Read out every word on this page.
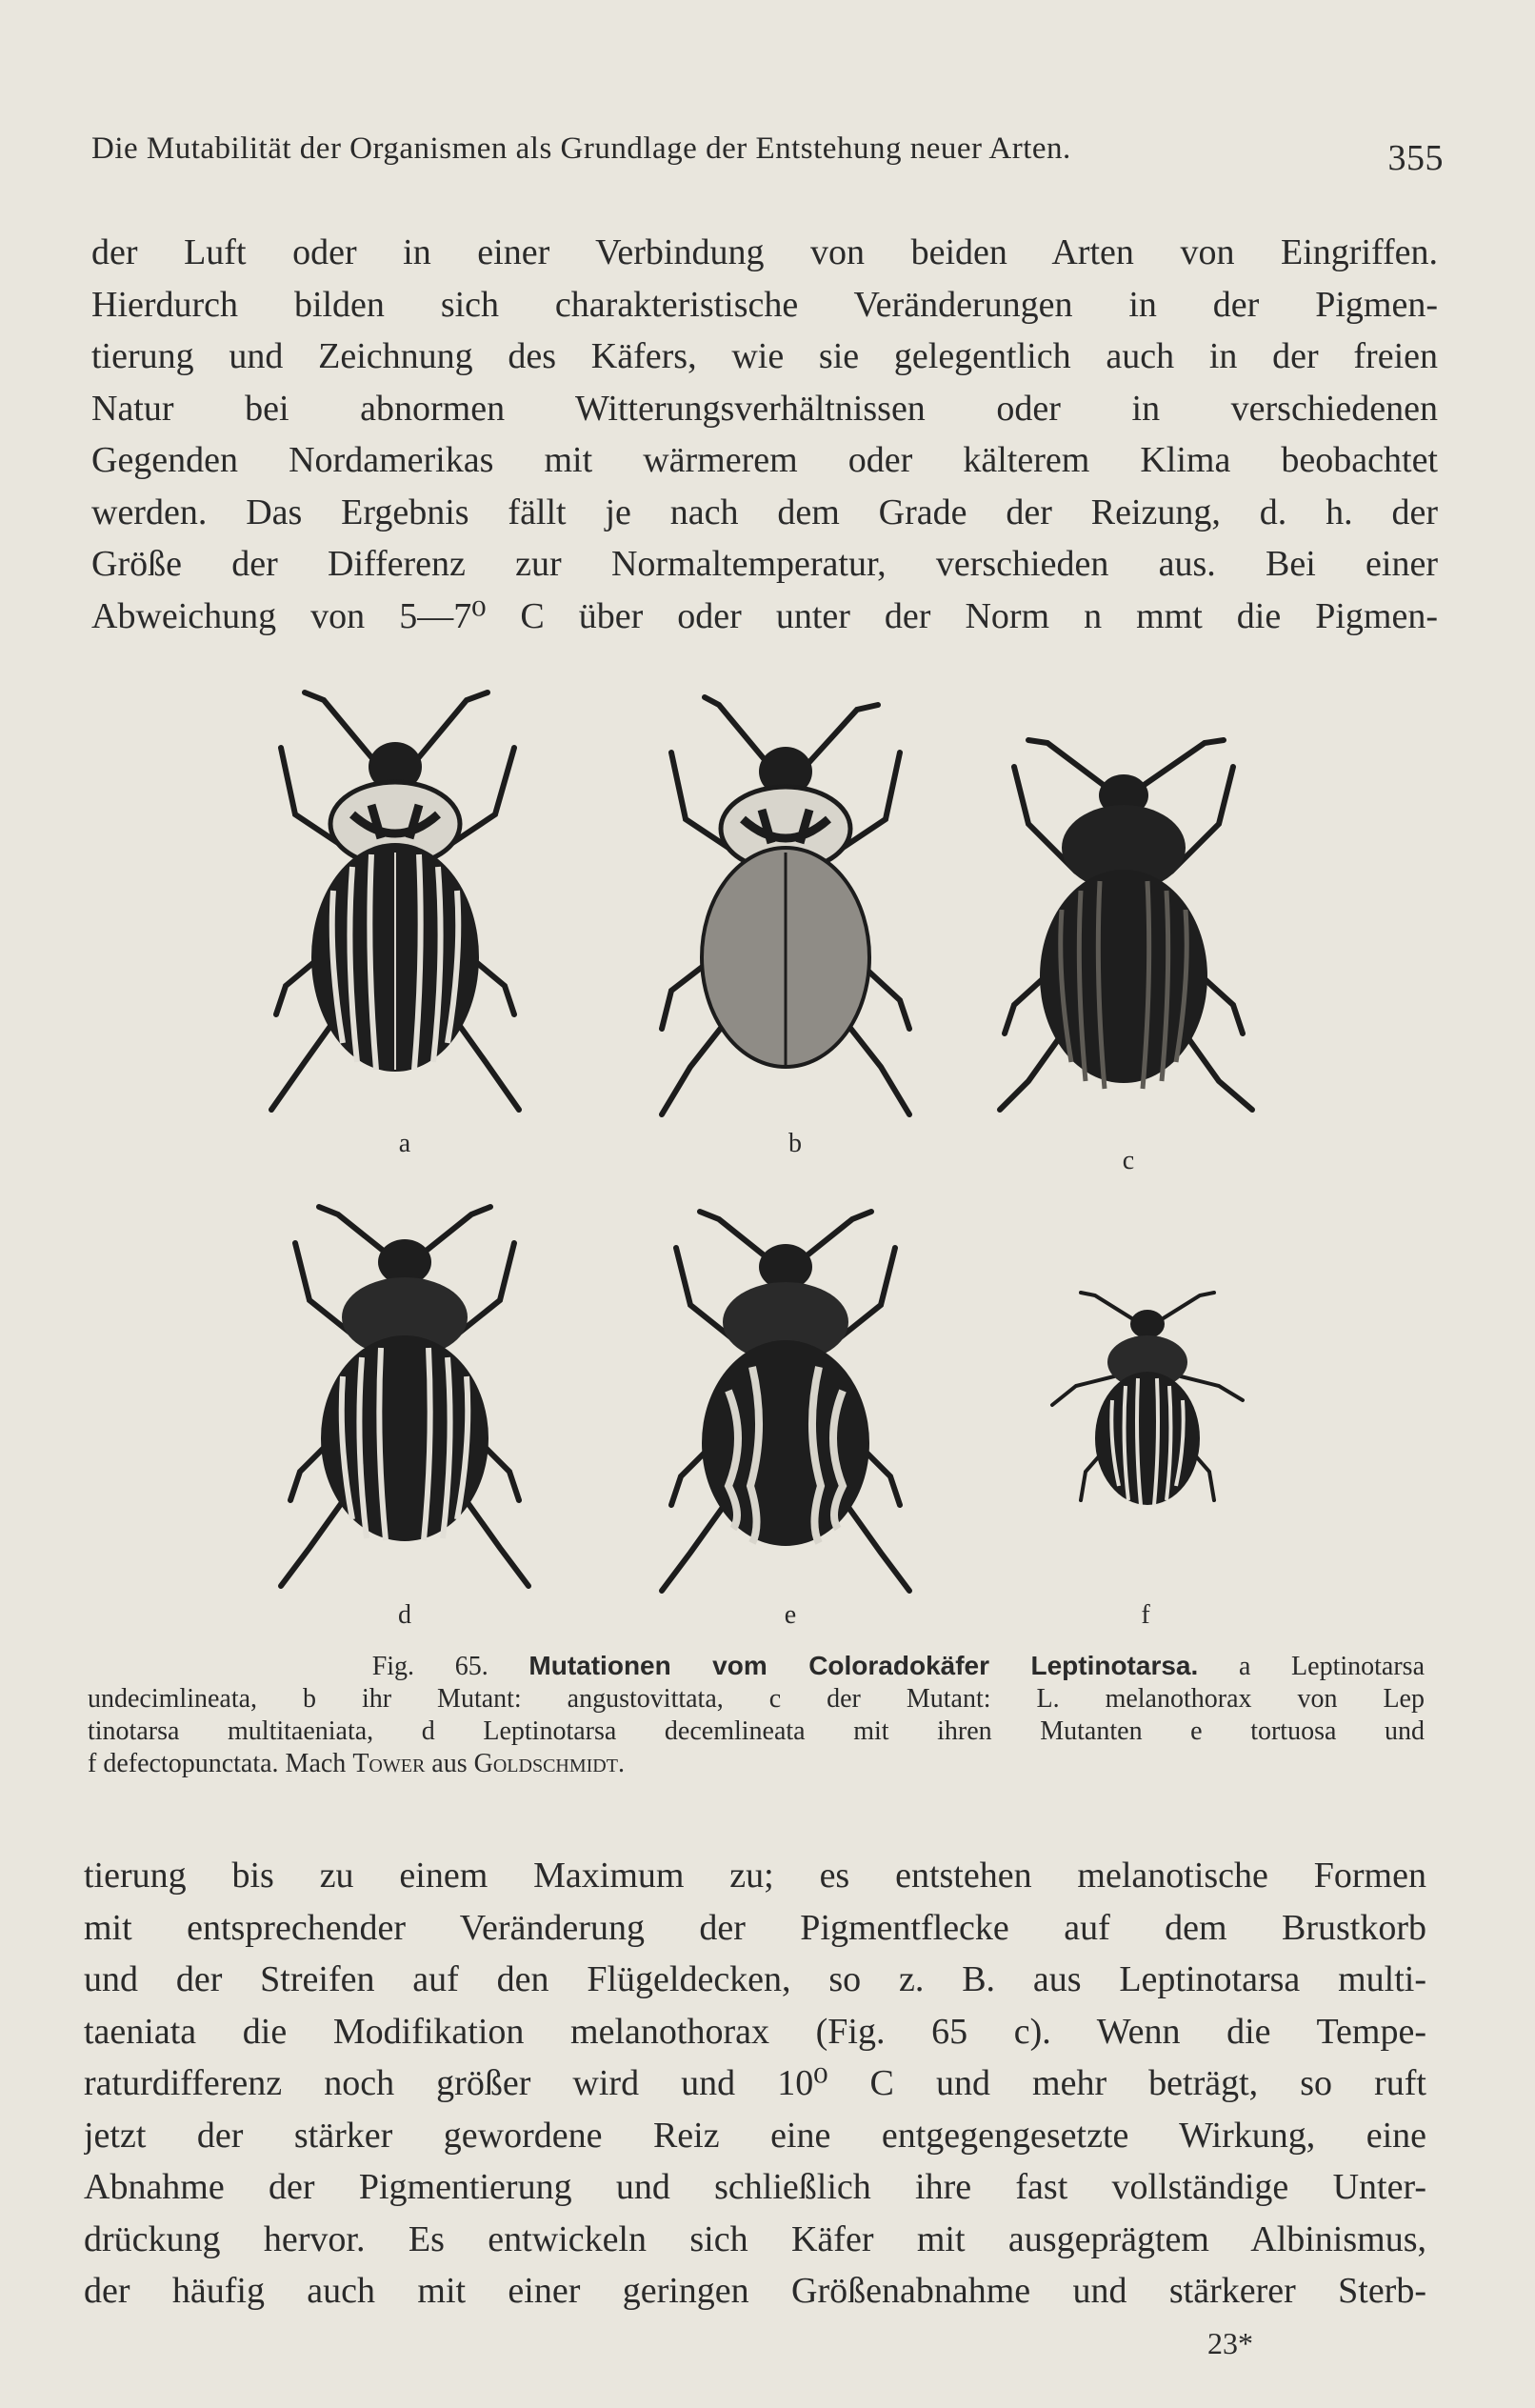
Die Mutabilität der Organismen als Grundlage der Entstehung neuer Arten.	355
der Luft oder in einer Verbindung von beiden Arten von Eingriffen.
Hierdurch bilden sich charakteristische Veränderungen in der Pigmen-
tierung und Zeichnung des Käfers, wie sie gelegentlich auch in der freien
Natur bei abnormen Witterungsverhältnissen oder in verschiedenen
Gegenden Nordamerikas mit wärmerem oder kälterem Klima beobachtet
werden. Das Ergebnis fällt je nach dem Grade der Reizung, d. h. der
Größe der Differenz zur Normaltemperatur, verschieden aus. Bei einer
Abweichung von 5—7⁰ C über oder unter der Norm n mmt die Pigmen-
a	b
c
d	e	f
Fig. 65. Mutationen vom Coloradokäfer Leptinotarsa. a Leptinotarsa
undecimlineata, b ihr Mutant: angustovittata, c der Mutant: L. melanothorax von Lep
tinotarsa multitaeniata, d Leptinotarsa decemlineata mit ihren Mutanten e tortuosa und
f defectopunctata. Mach Tower aus Goldschmidt.
tierung bis zu einem Maximum zu; es entstehen melanotische Formen
mit entsprechender Veränderung der Pigmentflecke auf dem Brustkorb
und der Streifen auf den Flügeldecken, so z. B. aus Leptinotarsa multi-
taeniata die Modifikation melanothorax (Fig. 65 c). Wenn die Tempe-
raturdifferenz noch größer wird und 10⁰ C und mehr beträgt, so ruft
jetzt der stärker gewordene Reiz eine entgegengesetzte Wirkung, eine
Abnahme der Pigmentierung und schließlich ihre fast vollständige Unter-
drückung hervor. Es entwickeln sich Käfer mit ausgeprägtem Albinismus,
der häufig auch mit einer geringen Größenabnahme und stärkerer Sterb-
23*
